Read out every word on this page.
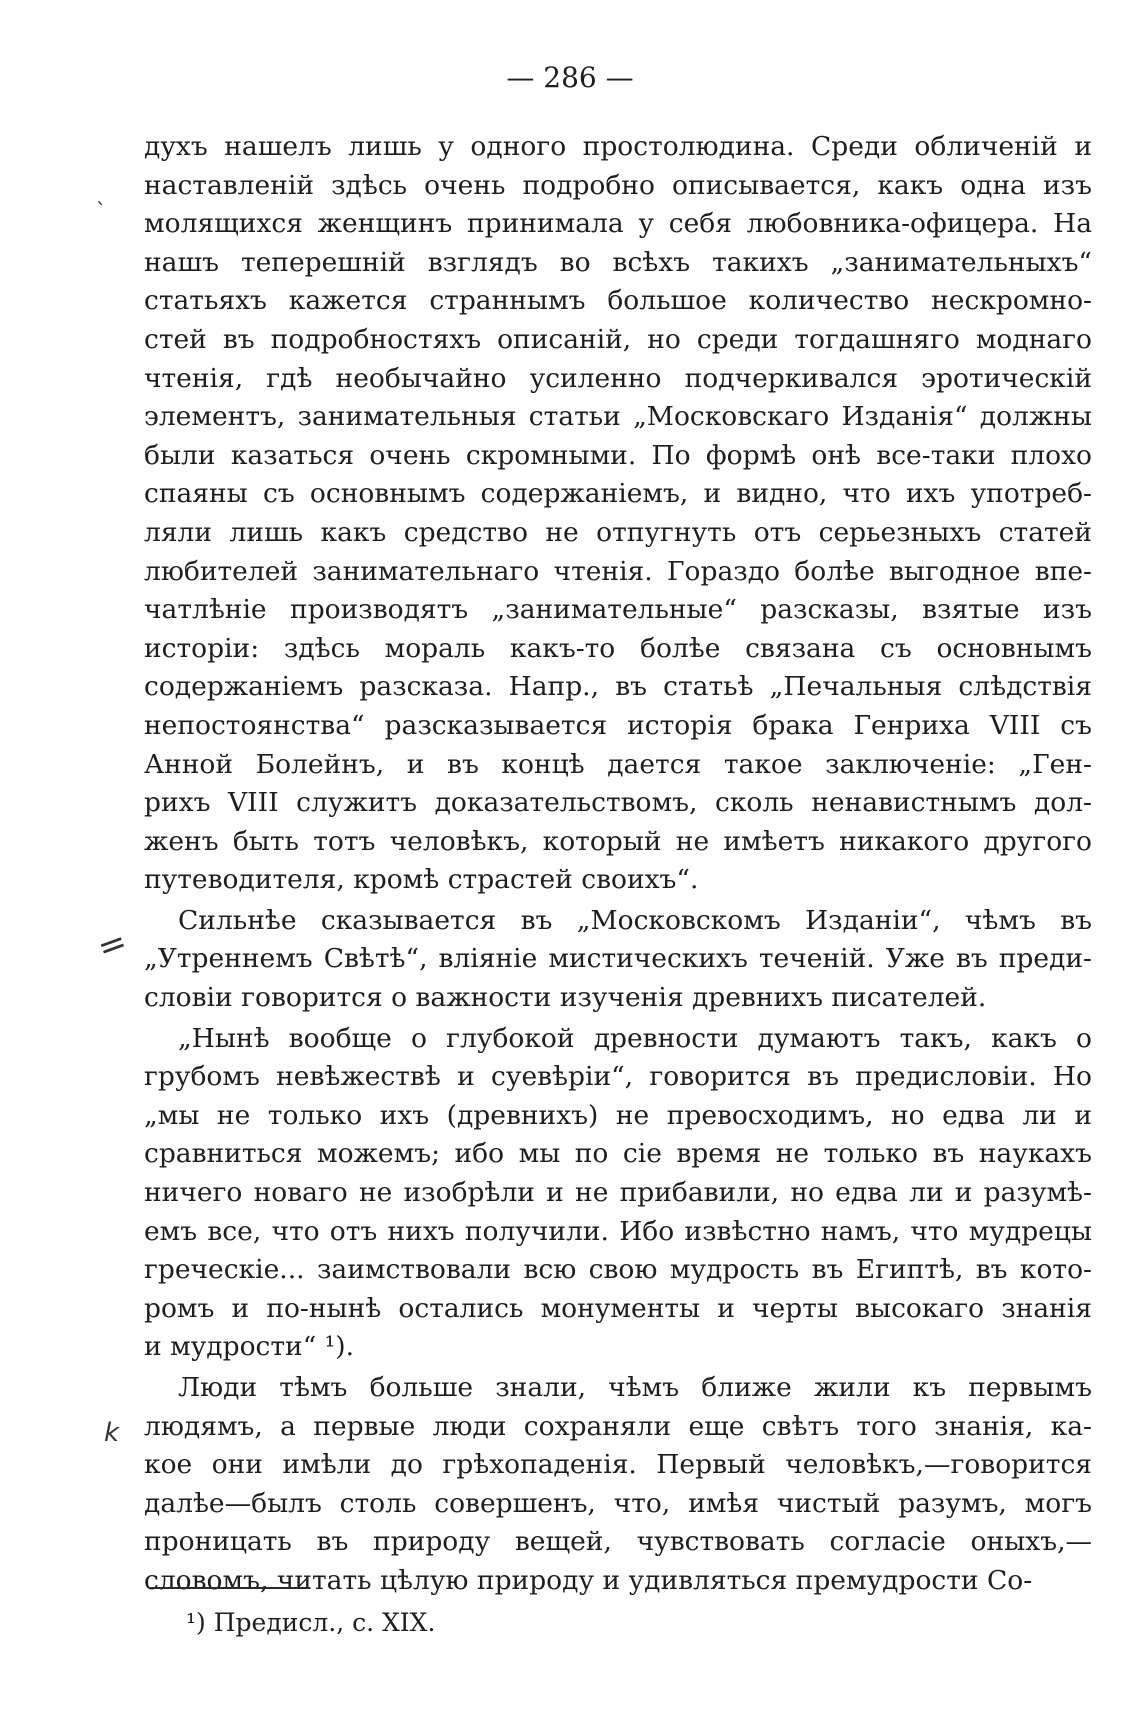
— 286 —
ˎ
=
k
духъ нашелъ лишь у одного простолюдина. Среди обличеній и
наставленій здѣсь очень подробно описывается, какъ одна изъ
молящихся женщинъ принимала у себя любовника-офицера. На
нашъ теперешній взглядъ во всѣхъ такихъ „занимательныхъ“
статьяхъ кажется страннымъ большое количество нескромно-
стей въ подробностяхъ описаній, но среди тогдашняго моднаго
чтенія, гдѣ необычайно усиленно подчеркивался эротическій
элементъ, занимательныя статьи „Московскаго Изданія“ должны
были казаться очень скромными. По формѣ онѣ все-таки плохо
спаяны съ основнымъ содержаніемъ, и видно, что ихъ употреб-
ляли лишь какъ средство не отпугнуть отъ серьезныхъ статей
любителей занимательнаго чтенія. Гораздо болѣе выгодное впе-
чатлѣніе производятъ „занимательные“ разсказы, взятые изъ
исторіи: здѣсь мораль какъ-то болѣе связана съ основнымъ
содержаніемъ разсказа. Напр., въ статьѣ „Печальныя слѣдствія
непостоянства“ разсказывается исторія брака Генриха VIII съ
Анной Болейнъ, и въ концѣ дается такое заключеніе: „Ген-
рихъ VIII служитъ доказательствомъ, сколь ненавистнымъ дол-
женъ быть тотъ человѣкъ, который не имѣетъ никакого другого
путеводителя, кромѣ страстей своихъ“.
Сильнѣе сказывается въ „Московскомъ Изданіи“, чѣмъ въ
„Утреннемъ Свѣтѣ“, вліяніе мистическихъ теченій. Уже въ преди-
словіи говорится о важности изученія древнихъ писателей.
„Нынѣ вообще о глубокой древности думаютъ такъ, какъ о
грубомъ невѣжествѣ и суевѣріи“, говорится въ предисловіи. Но
„мы не только ихъ (древнихъ) не превосходимъ, но едва ли и
сравниться можемъ; ибо мы по сіе время не только въ наукахъ
ничего новаго не изобрѣли и не прибавили, но едва ли и разумѣ-
емъ все, что отъ нихъ получили. Ибо извѣстно намъ, что мудрецы
греческіе... заимствовали всю свою мудрость въ Египтѣ, въ кото-
ромъ и по-нынѣ остались монументы и черты высокаго знанія
и мудрости“ ¹).
Люди тѣмъ больше знали, чѣмъ ближе жили къ первымъ
людямъ, а первые люди сохраняли еще свѣтъ того знанія, ка-
кое они имѣли до грѣхопаденія. Первый человѣкъ,—говорится
далѣе—былъ столь совершенъ, что, имѣя чистый разумъ, могъ
проницать въ природу вещей, чувствовать согласіе оныхъ,—
словомъ, читать цѣлую природу и удивляться премудрости Со-
¹) Предисл., с. XIX.
